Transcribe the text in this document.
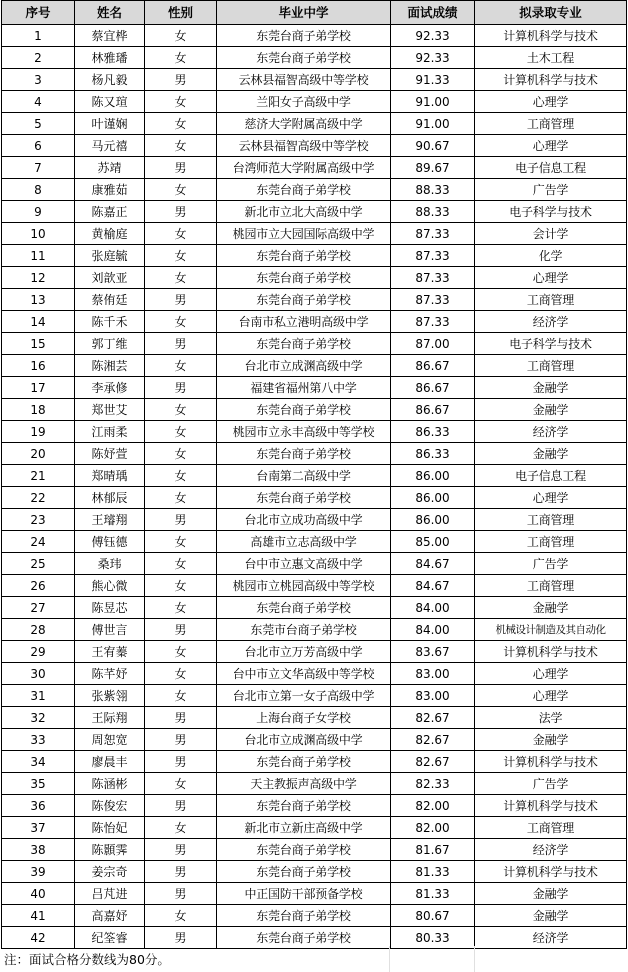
序号	姓名	性别	毕业中学	面试成绩	拟录取专业
1	蔡宜桦	女	东莞台商子弟学校	92.33	计算机科学与技术
2	林雅璠	女	东莞台商子弟学校	92.33	土木工程
3	杨凡毅	男	云林县福智高级中等学校	91.33	计算机科学与技术
4	陈又瑄	女	兰阳女子高级中学	91.00	心理学
5	叶谨娴	女	慈济大学附属高级中学	91.00	工商管理
6	马元禧	女	云林县福智高级中等学校	90.67	心理学
7	苏靖	男	台湾师范大学附属高级中学	89.67	电子信息工程
8	康雅茹	女	东莞台商子弟学校	88.33	广告学
9	陈嘉正	男	新北市立北大高级中学	88.33	电子科学与技术
10	黄榆庭	女	桃园市立大园国际高级中学	87.33	会计学
11	张庭毓	女	东莞台商子弟学校	87.33	化学
12	刘歆亚	女	东莞台商子弟学校	87.33	心理学
13	蔡侑廷	男	东莞台商子弟学校	87.33	工商管理
14	陈千禾	女	台南市私立港明高级中学	87.33	经济学
15	郭丁维	男	东莞台商子弟学校	87.00	电子科学与技术
16	陈湘芸	女	台北市立成渊高级中学	86.67	工商管理
17	李承修	男	福建省福州第八中学	86.67	金融学
18	郑世艾	女	东莞台商子弟学校	86.67	金融学
19	江雨柔	女	桃园市立永丰高级中等学校	86.33	经济学
20	陈妤萱	女	东莞台商子弟学校	86.33	金融学
21	郑晴瑀	女	台南第二高级中学	86.00	电子信息工程
22	林郁辰	女	东莞台商子弟学校	86.00	心理学
23	王璿翔	男	台北市立成功高级中学	86.00	工商管理
24	傅钰德	女	高雄市立志高级中学	85.00	工商管理
25	桑玮	女	台中市立惠文高级中学	84.67	广告学
26	熊心微	女	桃园市立桃园高级中等学校	84.67	工商管理
27	陈昱芯	女	东莞台商子弟学校	84.00	金融学
28	傅世言	男	东莞市台商子弟学校	84.00	机械设计制造及其自动化
29	王宥蓁	女	台北市立万芳高级中学	83.67	计算机科学与技术
30	陈芊妤	女	台中市立文华高级中等学校	83.00	心理学
31	张紫翎	女	台北市立第一女子高级中学	83.00	心理学
32	王际翔	男	上海台商子女学校	82.67	法学
33	周恕宽	男	台北市立成渊高级中学	82.67	金融学
34	廖晨丰	男	东莞台商子弟学校	82.67	计算机科学与技术
35	陈涵彬	女	天主教振声高级中学	82.33	广告学
36	陈俊宏	男	东莞台商子弟学校	82.00	计算机科学与技术
37	陈怡妃	女	新北市立新庄高级中学	82.00	工商管理
38	陈顥霁	男	东莞台商子弟学校	81.67	经济学
39	姜宗奇	男	东莞台商子弟学校	81.33	计算机科学与技术
40	吕芃进	男	中正国防干部预备学校	81.33	金融学
41	高嘉妤	女	东莞台商子弟学校	80.67	金融学
42	纪筌睿	男	东莞台商子弟学校	80.33	经济学
注：面试合格分数线为80分。
